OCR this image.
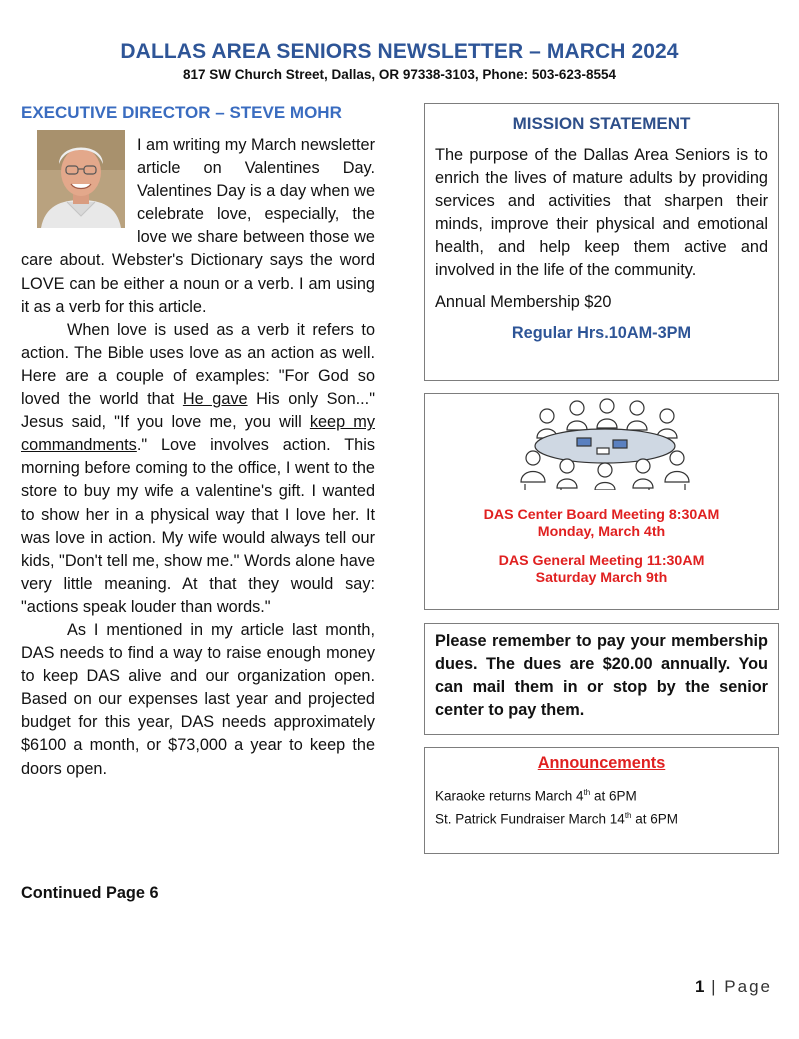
DALLAS AREA SENIORS NEWSLETTER – MARCH 2024
817 SW Church Street, Dallas, OR 97338-3103, Phone: 503-623-8554
EXECUTIVE DIRECTOR – STEVE MOHR

I am writing my March newsletter article on Valentines Day. Valentines Day is a day when we celebrate love, especially, the love we share between those we care about. Webster's Dictionary says the word LOVE can be either a noun or a verb. I am using it as a verb for this article.

When love is used as a verb it refers to action. The Bible uses love as an action as well. Here are a couple of examples: "For God so loved the world that He gave His only Son..." Jesus said, "If you love me, you will keep my commandments." Love involves action. This morning before coming to the office, I went to the store to buy my wife a valentine's gift. I wanted to show her in a physical way that I love her. It was love in action. My wife would always tell our kids, "Don't tell me, show me." Words alone have very little meaning. At that they would say: "actions speak louder than words."

As I mentioned in my article last month, DAS needs to find a way to raise enough money to keep DAS alive and our organization open. Based on our expenses last year and projected budget for this year, DAS needs approximately $6100 a month, or $73,000 a year to keep the doors open.

Continued Page 6
MISSION STATEMENT

The purpose of the Dallas Area Seniors is to enrich the lives of mature adults by providing services and activities that sharpen their minds, improve their physical and emotional health, and help keep them active and involved in the life of the community.

Annual Membership $20

Regular Hrs.10AM-3PM

DAS Center Board Meeting 8:30AM
Monday, March 4th
DAS General Meeting 11:30AM
Saturday March 9th
Please remember to pay your membership dues. The dues are $20.00 annually. You can mail them in or stop by the senior center to pay them.
Announcements
Karaoke returns March 4th at 6PM
St. Patrick Fundraiser March 14th at 6PM
1 | Page
